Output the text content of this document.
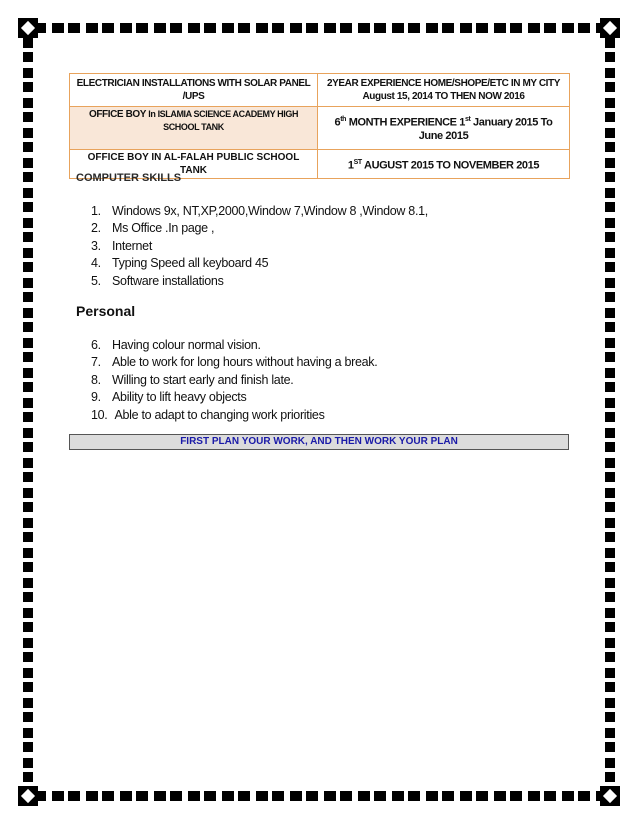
ELECTRICIAN INSTALLATIONS WITH SOLAR PANEL /UPS	2YEAR EXPERIENCE HOME/SHOPE/ETC IN MY CITY
August 15, 2014 TO THEN NOW 2016

OFFICE BOY In ISLAMIA SCIENCE ACADEMY HIGH SCHOOL TANK	6th MONTH EXPERIENCE 1st January 2015 To June 2015
OFFICE BOY IN AL-FALAH PUBLIC SCHOOL TANK	1ST AUGUST 2015 TO NOVEMBER 2015
COMPUTER SKILLS
1. Windows 9x, NT,XP,2000,Window 7,Window 8 ,Window 8.1,
2. Ms Office .In page ,
3. Internet
4. Typing Speed all keyboard 45
5. Software installations
Personal
6. Having colour normal vision.
7. Able to work for long hours without having a break.
8. Willing to start early and finish late.
9. Ability to lift heavy objects
10. Able to adapt to changing work priorities
FIRST PLAN YOUR WORK, AND THEN WORK YOUR PLAN
